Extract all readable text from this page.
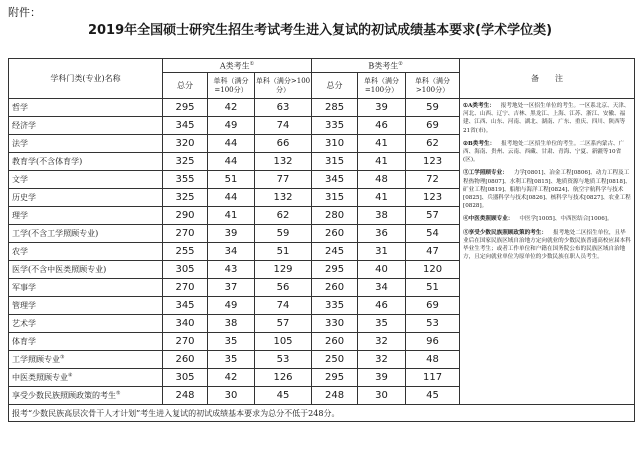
附件：
2019年全国硕士研究生招生考试考生进入复试的初试成绩基本要求(学术学位类)
学科门类(专业)名称	A类考生①			B类考生②			备　　注
	总分	单科（满分=100分）	单科（满分>100分）	总分	单科（满分=100分）	单科（满分>100分）	
哲学	295	42	63	285	39	59	①A类考生： 报考地处一区招生单位的考生。一区系北京、天津、河北、山西、辽宁、吉林、黑龙江、上海、江苏、浙江、安徽、福建、江西、山东、河南、湖北、湖南、广东、重庆、四川、陕西等21省(市)。
②B类考生： 报考地处二区招生单位的考生。二区系内蒙古、广西、海南、贵州、云南、西藏、甘肃、青海、宁夏、新疆等10省(区)。
③工学照顾专业： 力学[0801]、冶金工程[0806]、动力工程及工程热物理[0807]、水利工程[0815]、地质资源与地质工程[0818]、矿业工程[0819]、船舶与海洋工程[0824]、航空宇航科学与技术[0825]、兵器科学与技术[0826]、核科学与技术[0827]、农业工程[0828]。
④中医类照顾专业： 中医学[1005]、中西医结合[1006]。
⑤享受少数民族照顾政策的考生： 报考地处二区招生单位，且毕业后在国家民族区域自治地方定向就业的少数民族普通高校应届本科毕业生考生；或者工作单位和户籍在国务院公布的民族区域自治地方，且定向就业单位为原单位的少数民族在职人员考生。

经济学	345	49	74	335	46	69	
法学	320	44	66	310	41	62	
教育学(不含体育学)	325	44	132	315	41	123	
文学	355	51	77	345	48	72	
历史学	325	44	132	315	41	123	
理学	290	41	62	280	38	57	
工学(不含工学照顾专业)	270	39	59	260	36	54	
农学	255	34	51	245	31	47	
医学(不含中医类照顾专业)	305	43	129	295	40	120	
军事学	270	37	56	260	34	51	
管理学	345	49	74	335	46	69	
艺术学	340	38	57	330	35	53	
体育学	270	35	105	260	32	96	
工学照顾专业③	260	35	53	250	32	48	
中医类照顾专业④	305	42	126	295	39	117	
享受少数民族照顾政策的考生⑤	248	30	45	248	30	45	
报考“少数民族高层次骨干人才计划”考生进入复试的初试成绩基本要求为总分不低于248分。							
